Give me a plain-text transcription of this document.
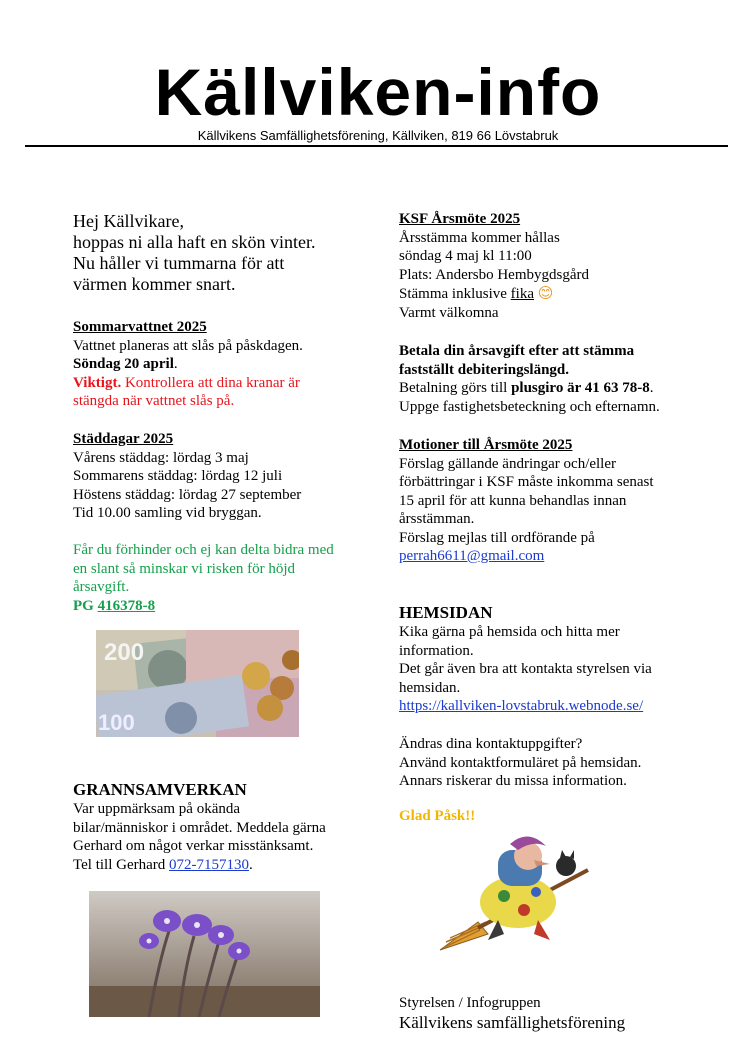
Källviken-info
Källvikens Samfällighetsförening, Källviken, 819 66 Lövstabruk
Hej Källvikare,
hoppas ni alla haft en skön vinter.
Nu håller vi tummarna för att
värmen kommer snart.
Sommarvattnet 2025
Vattnet planeras att slås på påskdagen.
Söndag 20 april.
Viktigt. Kontrollera att dina kranar är
stängda när vattnet slås på.
Städdagar 2025
Vårens städdag: lördag 3 maj
Sommarens städdag: lördag 12 juli
Höstens städdag: lördag 27 september
Tid 10.00 samling vid bryggan.
Får du förhinder och ej kan delta bidra med
en slant så minskar vi risken för höjd
årsavgift.
PG 416378-8
200
100
GRANNSAMVERKAN
Var uppmärksam på okända
bilar/människor i området. Meddela gärna
Gerhard om något verkar misstänksamt.
Tel till Gerhard 072-7157130.
KSF Årsmöte 2025
Årsstämma kommer hållas
söndag 4 maj kl 11:00
Plats: Andersbo Hembygdsgård
Stämma inklusive fika 😊
Varmt välkomna
Betala din årsavgift efter att stämma
fastställt debiteringslängd.
Betalning görs till plusgiro är 41 63 78-8.
Uppge fastighetsbeteckning och efternamn.
Motioner till Årsmöte 2025
Förslag gällande ändringar och/eller
förbättringar i KSF måste inkomma senast
15 april för att kunna behandlas innan
årsstämman.
Förslag mejlas till ordförande på
perrah6611@gmail.com
HEMSIDAN
Kika gärna på hemsida och hitta mer
information.
Det går även bra att kontakta styrelsen via
hemsidan.
https://kallviken-lovstabruk.webnode.se/
Ändras dina kontaktuppgifter?
Använd kontaktformuläret på hemsidan.
Annars riskerar du missa information.
Glad Påsk!!
Styrelsen / Infogruppen
Källvikens samfällighetsförening
